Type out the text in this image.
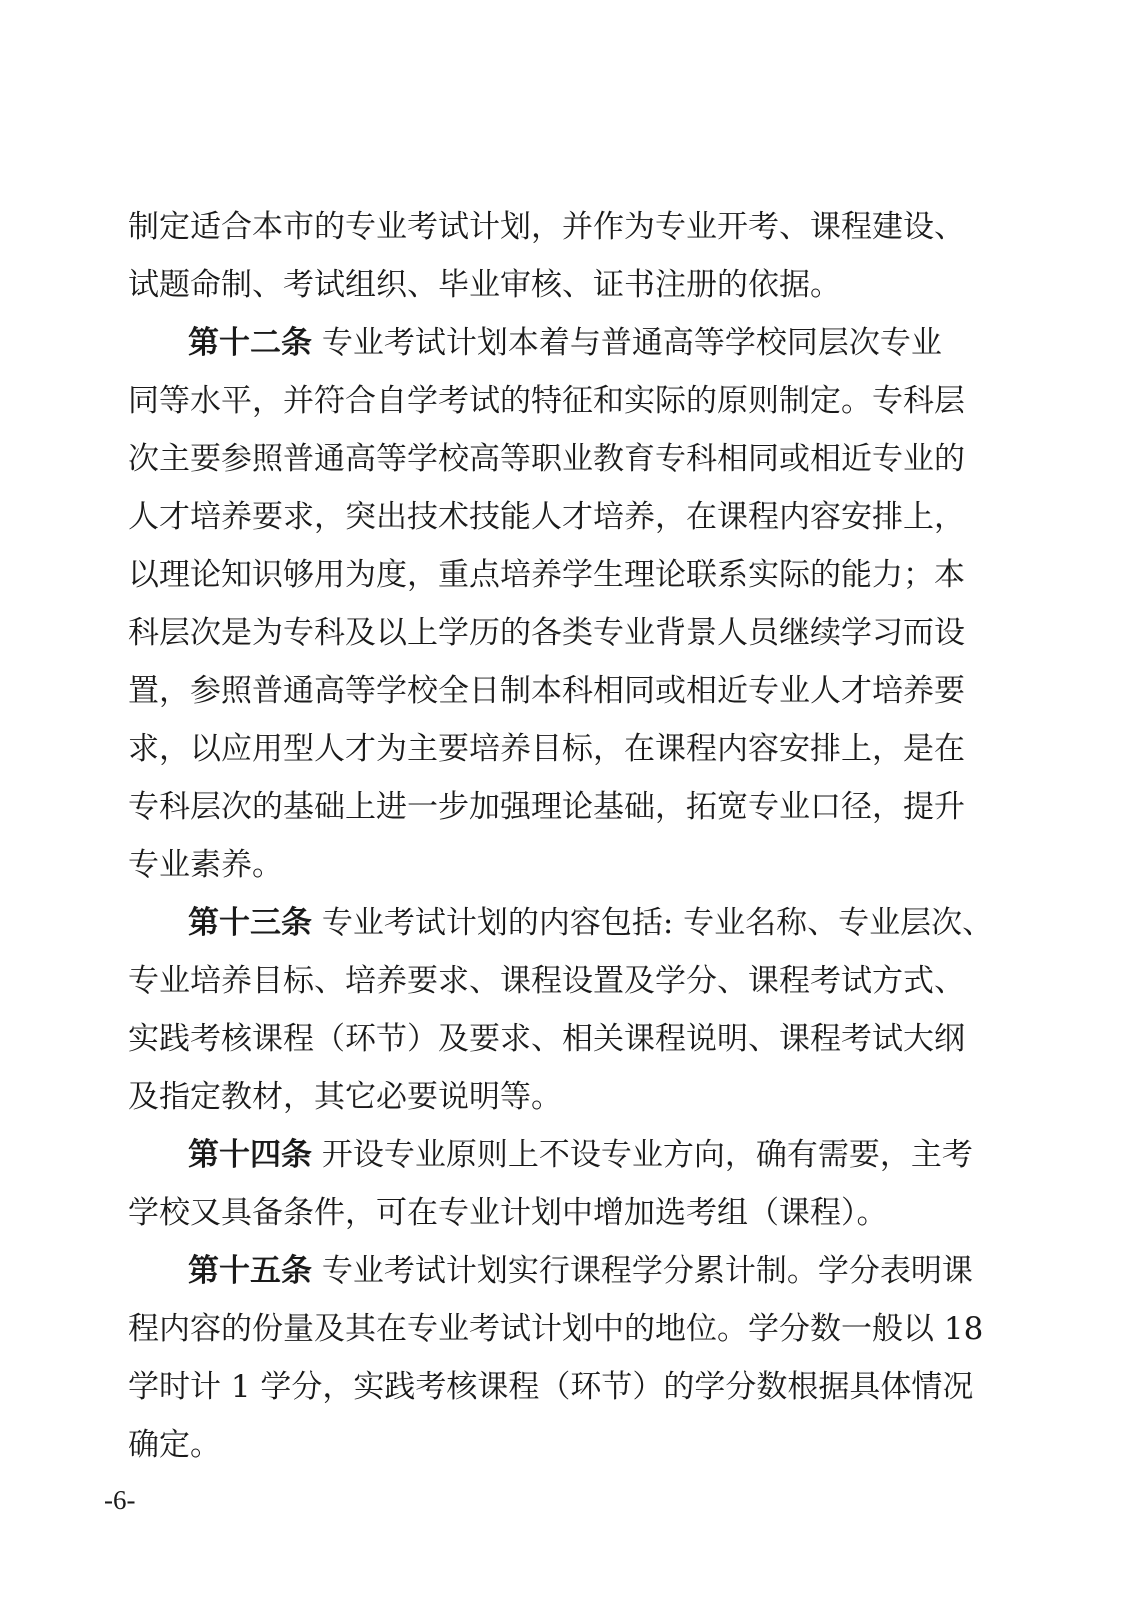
制定适合本市的专业考试计划，并作为专业开考、课程建设、
试题命制、考试组织、毕业审核、证书注册的依据。
第十二条 专业考试计划本着与普通高等学校同层次专业
同等水平，并符合自学考试的特征和实际的原则制定。专科层
次主要参照普通高等学校高等职业教育专科相同或相近专业的
人才培养要求，突出技术技能人才培养，在课程内容安排上，
以理论知识够用为度，重点培养学生理论联系实际的能力；本
科层次是为专科及以上学历的各类专业背景人员继续学习而设
置，参照普通高等学校全日制本科相同或相近专业人才培养要
求，以应用型人才为主要培养目标，在课程内容安排上，是在
专科层次的基础上进一步加强理论基础，拓宽专业口径，提升
专业素养。
第十三条 专业考试计划的内容包括: 专业名称、专业层次、
专业培养目标、培养要求、课程设置及学分、课程考试方式、
实践考核课程（环节）及要求、相关课程说明、课程考试大纲
及指定教材，其它必要说明等。
第十四条 开设专业原则上不设专业方向，确有需要，主考
学校又具备条件，可在专业计划中增加选考组（课程）。
第十五条 专业考试计划实行课程学分累计制。学分表明课
程内容的份量及其在专业考试计划中的地位。学分数一般以 18
学时计 1 学分，实践考核课程（环节）的学分数根据具体情况
确定。
-6-
